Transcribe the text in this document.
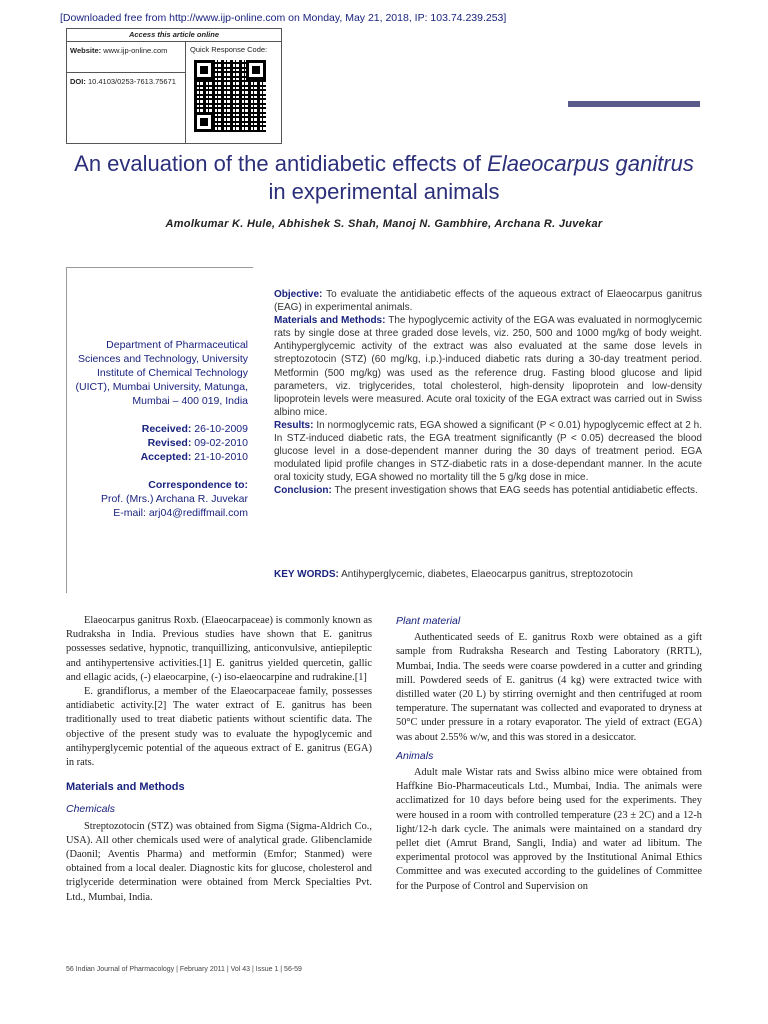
[Downloaded free from http://www.ijp-online.com on Monday, May 21, 2018, IP: 103.74.239.253]
Access this article online
Website: www.ijp-online.com
DOI: 10.4103/0253-7613.75671
Quick Response Code:
An evaluation of the antidiabetic effects of Elaeocarpus ganitrus
in experimental animals
Amolkumar K. Hule, Abhishek S. Shah, Manoj N. Gambhire, Archana R. Juvekar
Department of Pharmaceutical Sciences and Technology, University Institute of Chemical Technology (UICT), Mumbai University, Matunga, Mumbai – 400 019, India
Received: 26-10-2009
Revised: 09-02-2010
Accepted: 21-10-2010
Correspondence to:
Prof. (Mrs.) Archana R. Juvekar
E-mail: arj04@rediffmail.com
Objective: To evaluate the antidiabetic effects of the aqueous extract of Elaeocarpus ganitrus (EAG) in experimental animals.
Materials and Methods: The hypoglycemic activity of the EGA was evaluated in normoglycemic rats by single dose at three graded dose levels, viz. 250, 500 and 1000 mg/kg of body weight. Antihyperglycemic activity of the extract was also evaluated at the same dose levels in streptozotocin (STZ) (60 mg/kg, i.p.)-induced diabetic rats during a 30-day treatment period. Metformin (500 mg/kg) was used as the reference drug. Fasting blood glucose and lipid parameters, viz. triglycerides, total cholesterol, high-density lipoprotein and low-density lipoprotein levels were measured. Acute oral toxicity of the EGA extract was carried out in Swiss albino mice.
Results: In normoglycemic rats, EGA showed a significant (P < 0.01) hypoglycemic effect at 2 h. In STZ-induced diabetic rats, the EGA treatment significantly (P < 0.05) decreased the blood glucose level in a dose-dependent manner during the 30 days of treatment period. EGA modulated lipid profile changes in STZ-diabetic rats in a dose-dependant manner. In the acute oral toxicity study, EGA showed no mortality till the 5 g/kg dose in mice.
Conclusion: The present investigation shows that EAG seeds has potential antidiabetic effects.
KEY WORDS: Antihyperglycemic, diabetes, Elaeocarpus ganitrus, streptozotocin

Elaeocarpus ganitrus Roxb. (Elaeocarpaceae) is commonly known as Rudraksha in India. Previous studies have shown that E. ganitrus possesses sedative, hypnotic, tranquillizing, anticonvulsive, antiepileptic and antihypertensive activities.[1] E. ganitrus yielded quercetin, gallic and ellagic acids, (-) elaeocarpine, (-) iso-elaeocarpine and rudrakine.[1]

E. grandiflorus, a member of the Elaeocarpaceae family, possesses antidiabetic activity.[2] The water extract of E. ganitrus has been traditionally used to treat diabetic patients without scientific data. The objective of the present study was to evaluate the hypoglycemic and antihyperglycemic potential of the aqueous extract of E. ganitrus (EGA) in rats.

Materials and Methods
Chemicals

Streptozotocin (STZ) was obtained from Sigma (Sigma-Aldrich Co., USA). All other chemicals used were of analytical grade. Glibenclamide (Daonil; Aventis Pharma) and metformin (Emfor; Stanmed) were obtained from a local dealer. Diagnostic kits for glucose, cholesterol and triglyceride determination were obtained from Merck Specialties Pvt. Ltd., Mumbai, India.

Plant material

Authenticated seeds of E. ganitrus Roxb were obtained as a gift sample from Rudraksha Research and Testing Laboratory (RRTL), Mumbai, India. The seeds were coarse powdered in a cutter and grinding mill. Powdered seeds of E. ganitrus (4 kg) were extracted twice with distilled water (20 L) by stirring overnight and then centrifuged at room temperature. The supernatant was collected and evaporated to dryness at 50°C under pressure in a rotary evaporator. The yield of extract (EGA) was about 2.55% w/w, and this was stored in a desiccator.

Animals

Adult male Wistar rats and Swiss albino mice were obtained from Haffkine Bio-Pharmaceuticals Ltd., Mumbai, India. The animals were acclimatized for 10 days before being used for the experiments. They were housed in a room with controlled temperature (23 ± 2C) and a 12-h light/12-h dark cycle. The animals were maintained on a standard dry pellet diet (Amrut Brand, Sangli, India) and water ad libitum. The experimental protocol was approved by the Institutional Animal Ethics Committee and was executed according to the guidelines of Committee for the Purpose of Control and Supervision on

56 Indian Journal of Pharmacology | February 2011 | Vol 43 | Issue 1 | 56-59
